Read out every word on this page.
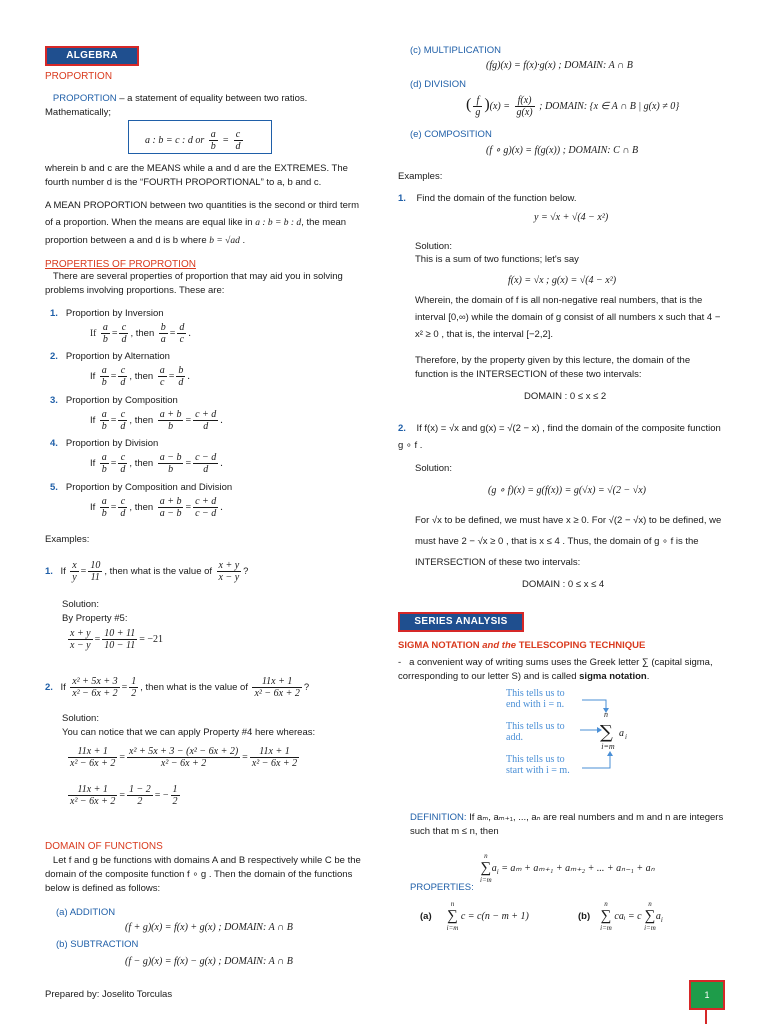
ALGEBRA
PROPORTION
PROPORTION – a statement of equality between two ratios.
Mathematically;
a : b = c : d or $\frac{a}{b} = \frac{c}{d}$
wherein b and c are the MEANS while a and d are the EXTREMES. The fourth number d is the “FOURTH PROPORTIONAL” to a, b and c.
A MEAN PROPORTION between two quantities is the second or third term of a proportion. When the means are equal like in a : b = b : d, the mean proportion between a and d is b where b = √ad .
PROPERTIES OF PROPROTION
There are several properties of proportion that may aid you in solving problems involving proportions. These are:
1. Proportion by Inversion
If $\frac{a}{b} = \frac{c}{d}$ , then $\frac{b}{a} = \frac{d}{c}$ .
2. Proportion by Alternation
If $\frac{a}{b} = \frac{c}{d}$ , then $\frac{a}{c} = \frac{b}{d}$ .
3. Proportion by Composition
If $\frac{a}{b} = \frac{c}{d}$ , then $\frac{a + b}{b} = \frac{c + d}{d}$ .
4. Proportion by Division
If $\frac{a}{b} = \frac{c}{d}$ , then $\frac{a - b}{b} = \frac{c - d}{d}$ .
5. Proportion by Composition and Division
If $\frac{a}{b} = \frac{c}{d}$ , then $\frac{a + b}{a - b} = \frac{c + d}{c - d}$ .
Examples:
1. If $\frac{x}{y} = \frac{10}{11}$ , then what is the value of $\frac{x + y}{x - y}$ ?
Solution:
By Property #5:
$\frac{x + y}{x - y} = \frac{10 + 11}{10 - 11} = -21$
2. If $\frac{\text{x² + 5x + 3}}{\text{x² − 6x + 2}} = \frac{1}{2}$ , then what is the value of $\frac{11x + 1}{\text{x² − 6x + 2}}$ ?
Solution:
You can notice that we can apply Property #4 here whereas:
$\frac{11x + 1}{\text{x² − 6x + 2}} = \frac{\text{x² + 5x + 3 − (x² − 6x + 2)}}{\text{x² − 6x + 2}} = \frac{11x + 1}{\text{x² − 6x + 2}}$
$\frac{11x + 1}{\text{x² − 6x + 2}} = \frac{1 - 2}{2}$ = − $\frac{1}{2}$
DOMAIN OF FUNCTIONS
Let f and g be functions with domains A and B respectively while C be the domain of the composite function f ∘ g . Then the domain of the functions below is defined as follows:
(a) ADDITION
(f + g)(x) = f(x) + g(x) ; DOMAIN: A ∩ B
(b) SUBTRACTION
(f − g)(x) = f(x) − g(x) ; DOMAIN: A ∩ B
Prepared by: Joselito Torculas
(c) MULTIPLICATION
(fg)(x) = f(x)·g(x) ; DOMAIN: A ∩ B
(d) DIVISION
( $\frac{f}{g} )(x) = \frac{f(x)}{g(x)}$ ; DOMAIN: {x ∈ A ∩ B | g(x) ≠ 0}
(e) COMPOSITION
(f ∘ g)(x) = f(g(x)) ; DOMAIN: C ∩ B
Examples:
1. Find the domain of the function below.
y = √x + √(4 − x²)
Solution:
This is a sum of two functions; let's say
f(x) = √x ; g(x) = √(4 − x²)
Wherein, the domain of f is all non-negative real numbers, that is the interval [0,∞) while the domain of g consist of all numbers x such that 4 − x² ≥ 0 , that is, the interval [−2,2].
Therefore, by the property given by this lecture, the domain of the function is the INTERSECTION of these two intervals:
DOMAIN : 0 ≤ x ≤ 2
2. If f(x) = √x and g(x) = √(2 − x) , find the domain of the composite function g ∘ f .
Solution:
(g ∘ f)(x) = g(f(x)) = g(√x) = √(2 − √x)
For √x to be defined, we must have x ≥ 0. For √(2 − √x) to be defined, we must have 2 − √x ≥ 0 , that is x ≤ 4 . Thus, the domain of g ∘ f is the INTERSECTION of these two intervals:
DOMAIN : 0 ≤ x ≤ 4
SERIES ANALYSIS
SIGMA NOTATION and the TELESCOPING TECHNIQUE
-   a convenient way of writing sums uses the Greek letter ∑ (capital sigma, corresponding to our letter S) and is called sigma notation.
This tells us to end with i = n.
This tells us to add.
This tells us to start with i = m.
n
∑ a i
i=m
DEFINITION: If aₘ, aₘ₊₁, ..., aₙ are real numbers and m and n are integers such that m ≤ n, then
n
∑
i=m
$a_i = a_m + a_{m+1} + a_{m+2}$ + ... + aₙ₋₁ + aₙ
PROPERTIES:
(a)
n
∑
i=m
c = c(n − m + 1)	(b)
n
∑
i=m
caᵢ = c
n
∑
i=m
$a_i$
1
